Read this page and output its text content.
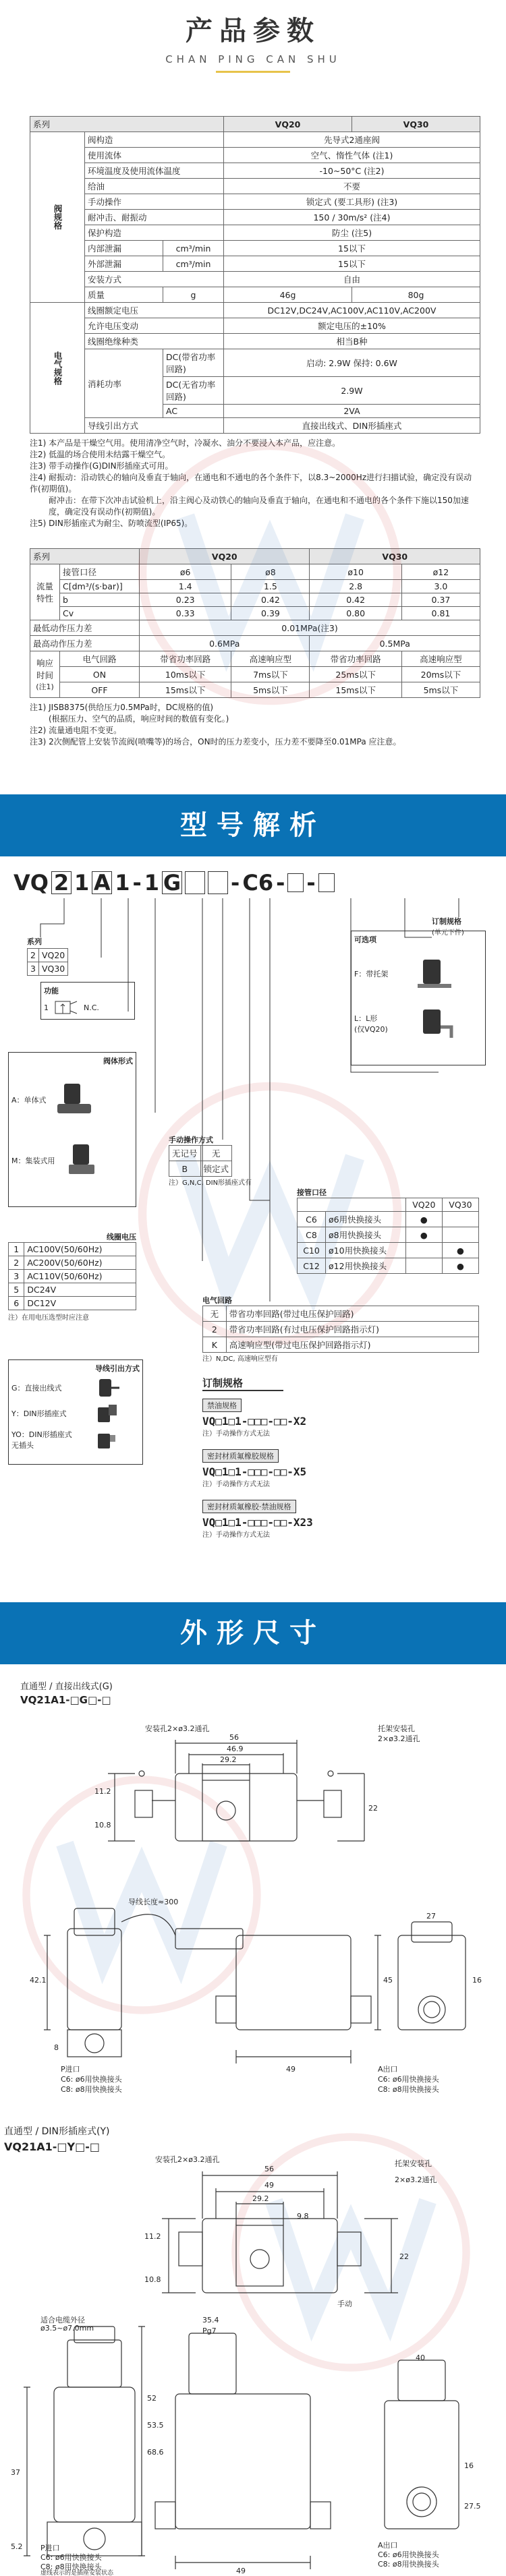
产品参数
CHAN PING CAN SHU
系列			VQ20	VQ30
阀规格	阀构造		先导式2通座阀	
	使用流体		空气、惰性气体 (注1)	
	环境温度及使用流体温度		-10~50°C (注2)	
	给油		不要	
	手动操作		锁定式 (要工具形) (注3)	
	耐冲击、耐振动		150 / 30m/s² (注4)	
	保护构造		防尘 (注5)	
	内部泄漏	cm³/min	15以下	
	外部泄漏	cm³/min	15以下	
	安装方式		自由	
	质量	g	46g	80g
电气规格	线圈额定电压		DC12V,DC24V,AC100V,AC110V,AC200V	
	允许电压变动		额定电压的±10%	
	线圈绝缘种类		相当B种	
	消耗功率	DC(带省功率回路)	启动: 2.9W 保持: 0.6W	
		DC(无省功率回路)	2.9W	
		AC	2VA	
	导线引出方式		直接出线式、DIN形插座式	
注1) 本产品是干燥空气用。使用清净空气时，冷凝水、油分不要浸入本产品，应注意。
注2) 低温的场合使用未结露干燥空气。
注3) 带手动操作(G)DIN形插座式可用。
注4) 耐振动：沿动铁心的轴向及垂直于轴向，在通电和不通电的各个条件下，以8.3~2000Hz进行扫描试验，确定没有误动作(初期值)。
耐冲击：在带下次冲击试验机上，沿主阀心及动铁心的轴向及垂直于轴向，在通电和不通电的各个条件下施以150加速度，确定没有误动作(初期值)。
注5) DIN形插座式为耐尘、防喷流型(IP65)。
系列		VQ20		VQ30	
流量特性	接管口径	ø6	ø8	ø10	ø12
	C[dm³/(s·bar)]	1.4	1.5	2.8	3.0
	b	0.23	0.42	0.42	0.37
	Cv	0.33	0.39	0.80	0.81
最低动作压力差		0.01MPa(注3)			
最高动作压力差		0.6MPa		0.5MPa	
响应时间
(注1)	电气回路	带省功率回路	高速响应型	带省功率回路	高速响应型
	ON	10ms以下	7ms以下	25ms以下	20ms以下
	OFF	15ms以下	5ms以下	15ms以下	5ms以下
注1) JISB8375(供给压力0.5MPa时，DC规格的值)
(根据压力、空气的品质，响应时间的数值有变化。)
注2) 流量通电阻不变更。
注3) 2次侧配管上安装节流阀(喷嘴等)的场合，ON时的压力差变小，压力差不要降至0.01MPa 应注意。
型号解析
VQ 2 1 A 1 - 1 G - C6 - -
系列
2	VQ20
3	VQ30
功能
1	N.C.
阀体形式
A：单体式
M：集装式用
线圈电压
1	AC100V(50/60Hz)
2	AC200V(50/60Hz)
3	AC110V(50/60Hz)
5	DC24V
6	DC12V
注）在用电压选型时应注意
导线引出方式
G：直接出线式
Y：DIN形插座式
YO：DIN形插座式
无插头
手动操作方式
无记号	无
B	锁定式
注）G,N,C, DIN形插座式有
接管口径
		VQ20	VQ30
C6	ø6用快换接头	●	
C8	ø8用快换接头	●	
C10	ø10用快换接头		●
C12	ø12用快换接头		●
可选项
F：带托架
L：L形
(仅VQ20)
订制规格
(单元下件)
电气回路
无	带省功率回路(带过电压保护回路)
2	带省功率回路(有过电压保护回路指示灯)
K	高速响应型(带过电压保护回路指示灯)
注）N,DC, 高速响应型有
订制规格
禁油规格
VQ□1□1-□□□-□□-X2
注）手动操作方式无法
密封材质氟橡胶规格
VQ□1□1-□□□-□□-X5
注）手动操作方式无法
密封材质氟橡胶·禁油规格
VQ□1□1-□□□-□□-X23
注）手动操作方式无法
外形尺寸
直通型 / 直接出线式(G)
VQ21A1-□G□-□
安装孔2×ø3.2通孔	托架安装孔
2×ø3.2通孔
导线长度≈300
P进口
C6: ø6用快换接头
C8: ø8用快换接头
A出口
C6: ø6用快换接头
C8: ø8用快换接头
56
46.9
29.2
49
45
42.1
11.2
10.8
22
27
8
16
直通型 / DIN形插座式(Y)
VQ21A1-□Y□-□
安装孔2×ø3.2通孔	托架安装孔
2×ø3.2通孔
手动
适合电缆外径
ø3.5~ø7.0mm	Pg7
P进口
C6: ø6用快换接头
C8: ø8用快换接头
A出口
C6: ø6用快换接头
C8: ø8用快换接头
虚线表示的是插座安装状态
56
49
29.2
9.8
22
11.2
10.8
35.4
52
53.5
68.6
37
5.2
49
16
27.5
40
